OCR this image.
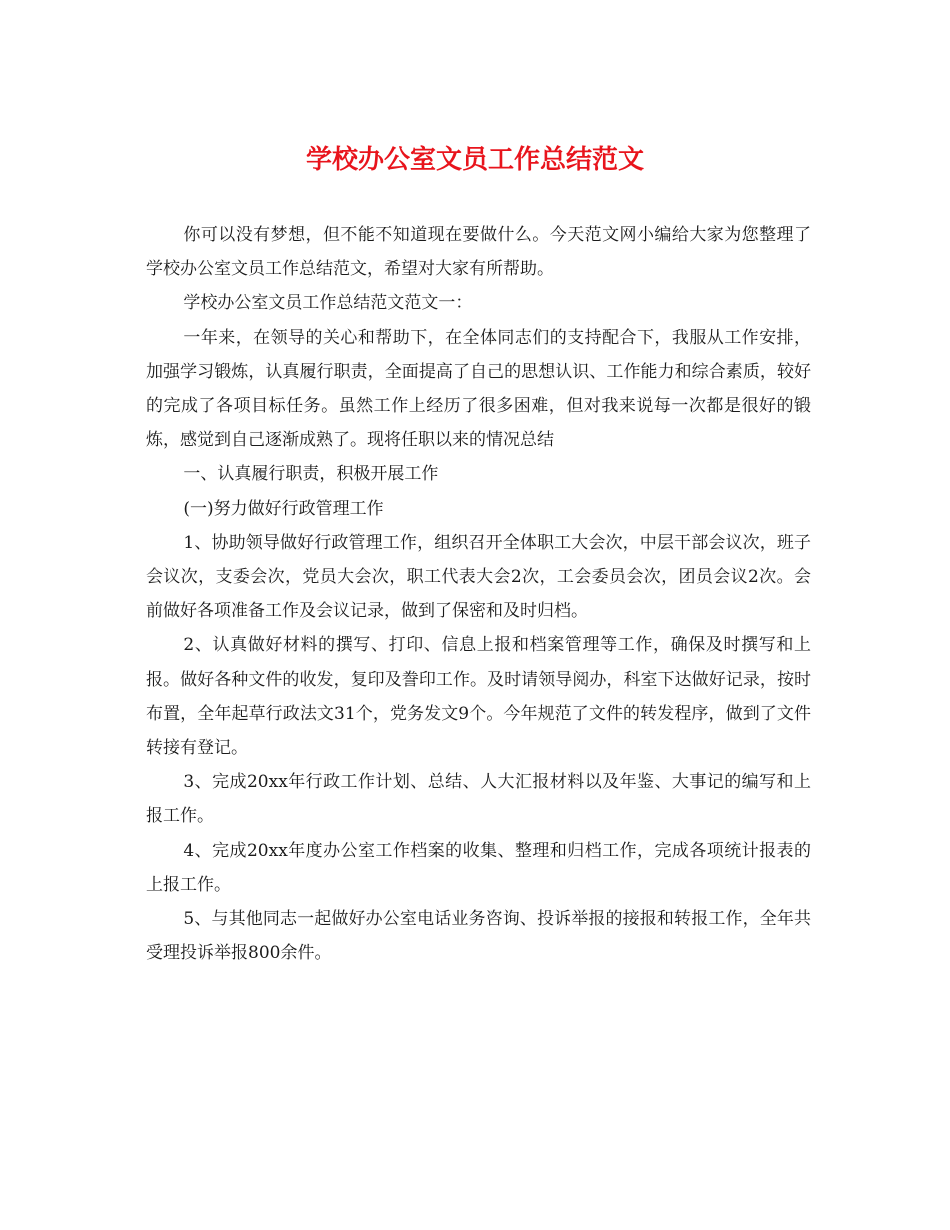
学校办公室文员工作总结范文

你可以没有梦想，但不能不知道现在要做什么。今天范文网小编给大家为您整理了学校办公室文员工作总结范文，希望对大家有所帮助。

学校办公室文员工作总结范文范文一：

一年来，在领导的关心和帮助下，在全体同志们的支持配合下，我服从工作安排，加强学习锻炼，认真履行职责，全面提高了自己的思想认识、工作能力和综合素质，较好的完成了各项目标任务。虽然工作上经历了很多困难，但对我来说每一次都是很好的锻炼，感觉到自己逐渐成熟了。现将任职以来的情况总结

一、认真履行职责，积极开展工作

(一)努力做好行政管理工作

1、协助领导做好行政管理工作，组织召开全体职工大会次，中层干部会议次，班子会议次，支委会次，党员大会次，职工代表大会2次，工会委员会次，团员会议2次。会前做好各项准备工作及会议记录，做到了保密和及时归档。

2、认真做好材料的撰写、打印、信息上报和档案管理等工作，确保及时撰写和上报。做好各种文件的收发，复印及誊印工作。及时请领导阅办，科室下达做好记录，按时布置，全年起草行政法文31个，党务发文9个。今年规范了文件的转发程序，做到了文件转接有登记。

3、完成20xx年行政工作计划、总结、人大汇报材料以及年鉴、大事记的编写和上报工作。

4、完成20xx年度办公室工作档案的收集、整理和归档工作，完成各项统计报表的上报工作。

5、与其他同志一起做好办公室电话业务咨询、投诉举报的接报和转报工作，全年共受理投诉举报800余件。
